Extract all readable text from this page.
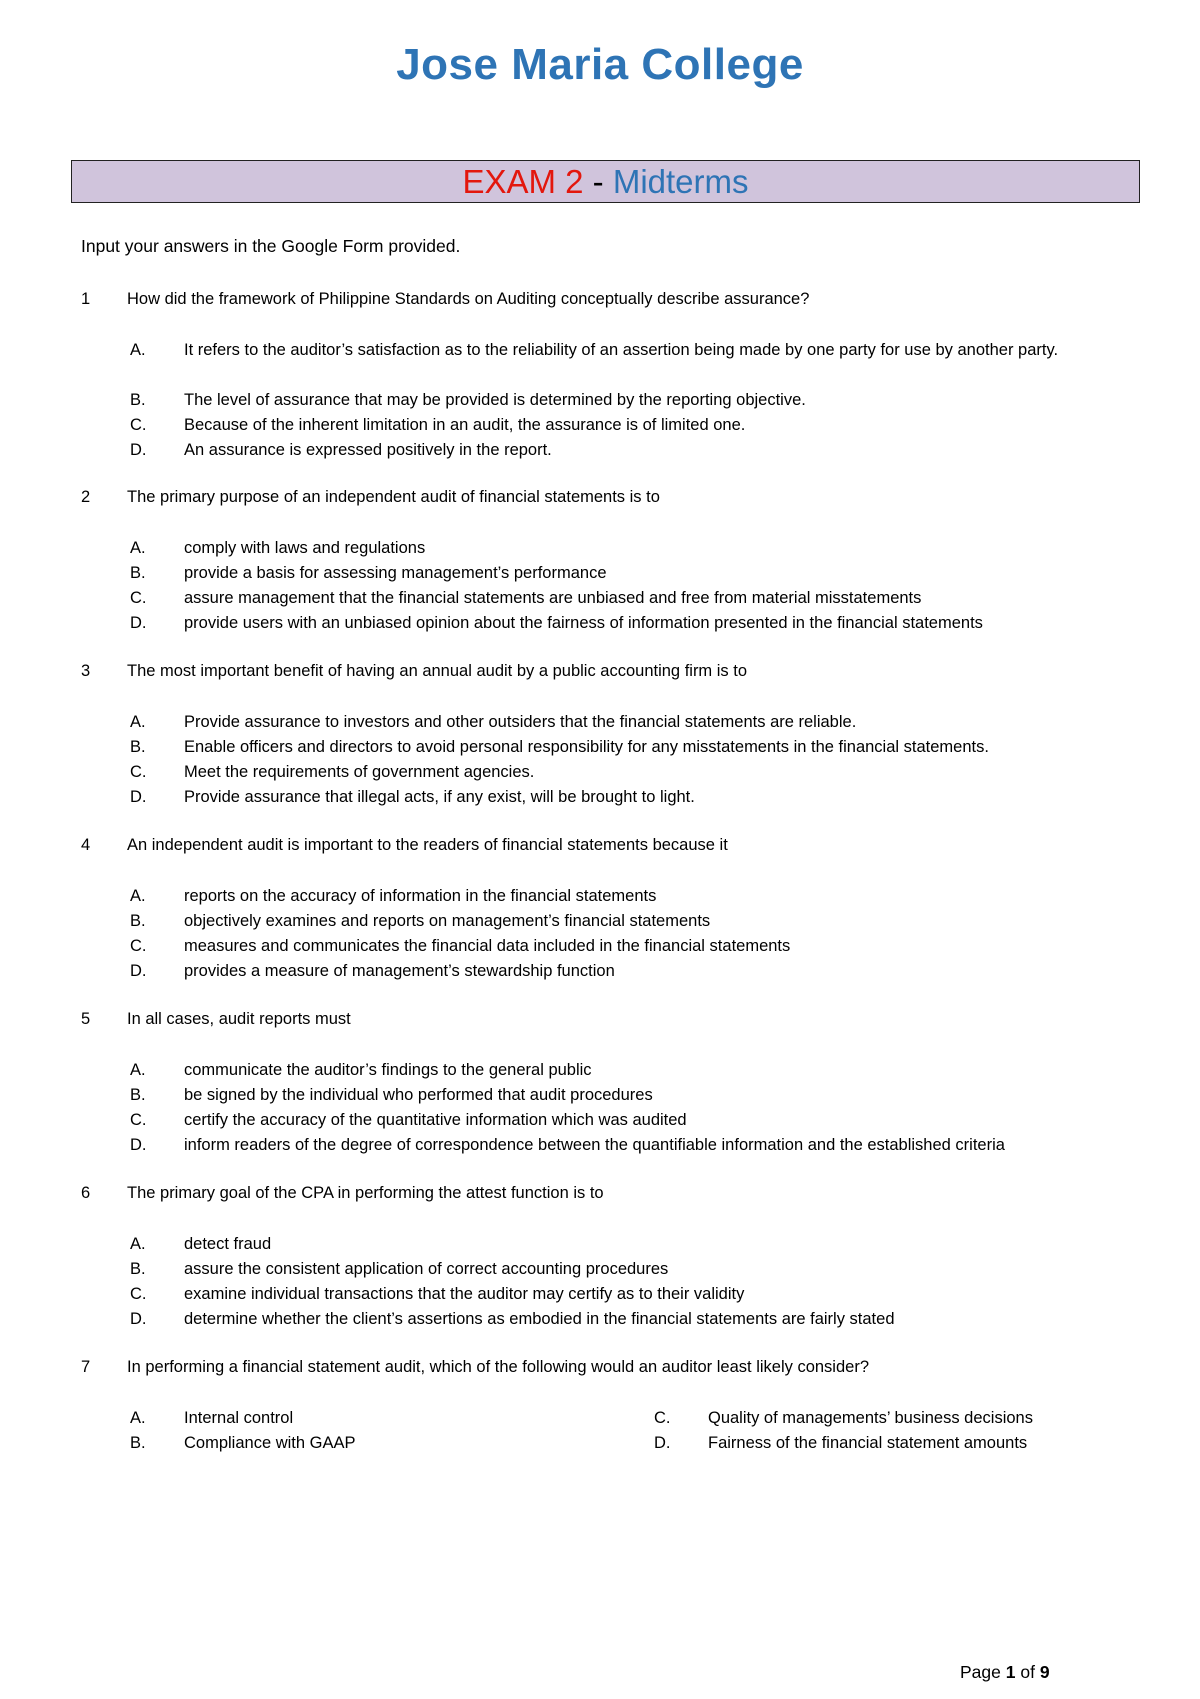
Jose Maria College
EXAM 2 - Midterms
Input your answers in the Google Form provided.
1 How did the framework of Philippine Standards on Auditing conceptually describe assurance?
A. It refers to the auditor’s satisfaction as to the reliability of an assertion being made by one party for use by another party.
B. The level of assurance that may be provided is determined by the reporting objective.
C. Because of the inherent limitation in an audit, the assurance is of limited one.
D. An assurance is expressed positively in the report.
2 The primary purpose of an independent audit of financial statements is to
A. comply with laws and regulations
B. provide a basis for assessing management’s performance
C. assure management that the financial statements are unbiased and free from material misstatements
D. provide users with an unbiased opinion about the fairness of information presented in the financial statements
3 The most important benefit of having an annual audit by a public accounting firm is to
A. Provide assurance to investors and other outsiders that the financial statements are reliable.
B. Enable officers and directors to avoid personal responsibility for any misstatements in the financial statements.
C. Meet the requirements of government agencies.
D. Provide assurance that illegal acts, if any exist, will be brought to light.
4 An independent audit is important to the readers of financial statements because it
A. reports on the accuracy of information in the financial statements
B. objectively examines and reports on management’s financial statements
C. measures and communicates the financial data included in the financial statements
D. provides a measure of management’s stewardship function
5 In all cases, audit reports must
A. communicate the auditor’s findings to the general public
B. be signed by the individual who performed that audit procedures
C. certify the accuracy of the quantitative information which was audited
D. inform readers of the degree of correspondence between the quantifiable information and the established criteria
6 The primary goal of the CPA in performing the attest function is to
A. detect fraud
B. assure the consistent application of correct accounting procedures
C. examine individual transactions that the auditor may certify as to their validity
D. determine whether the client’s assertions as embodied in the financial statements are fairly stated
7 In performing a financial statement audit, which of the following would an auditor least likely consider?
A. Internal control
B. Compliance with GAAP
C. Quality of managements’ business decisions
D. Fairness of the financial statement amounts
Page 1 of 9
